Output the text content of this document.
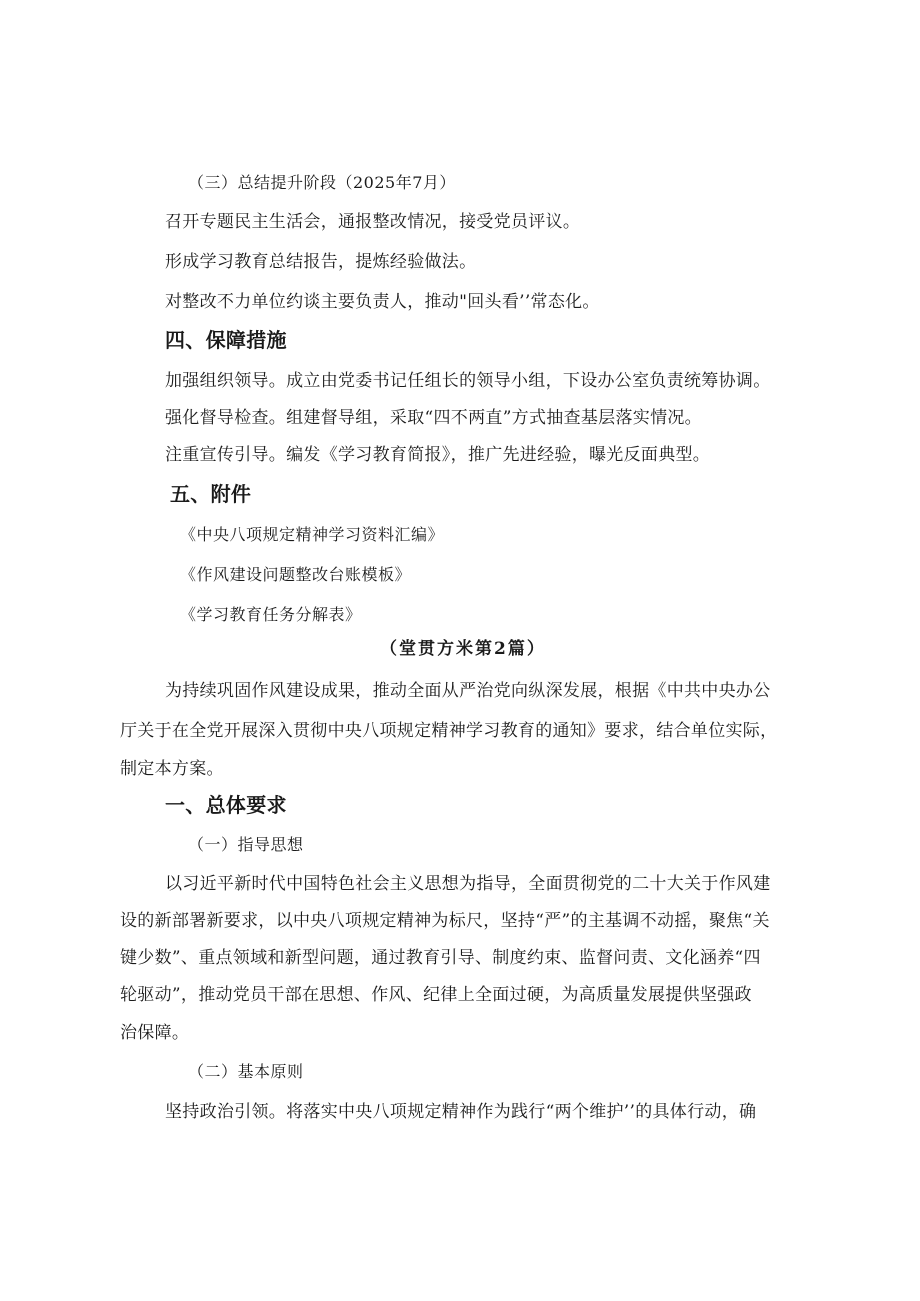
（三）总结提升阶段（2025年7月）
召开专题民主生活会，通报整改情况，接受党员评议。
形成学习教育总结报告，提炼经验做法。
对整改不力单位约谈主要负责人，推动"回头看’’常态化。
四、保障措施
加强组织领导。成立由党委书记任组长的领导小组，下设办公室负责统筹协调。
强化督导检查。组建督导组，采取“四不两直”方式抽查基层落实情况。
注重宣传引导。编发《学习教育简报》，推广先进经验，曝光反面典型。
五、附件
《中央八项规定精神学习资料汇编》
《作风建设问题整改台账模板》
《学习教育任务分解表》
（堂贯方米第2篇）
为持续巩固作风建设成果，推动全面从严治党向纵深发展，根据《中共中央办公
厅关于在全党开展深入贯彻中央八项规定精神学习教育的通知》要求，结合单位实际，
制定本方案。
一、总体要求
（一）指导思想
以习近平新时代中国特色社会主义思想为指导，全面贯彻党的二十大关于作风建
设的新部署新要求，以中央八项规定精神为标尺，坚持“严”的主基调不动摇，聚焦“关
键少数”、重点领域和新型问题，通过教育引导、制度约束、监督问责、文化涵养“四
轮驱动”，推动党员干部在思想、作风、纪律上全面过硬，为高质量发展提供坚强政
治保障。
（二）基本原则
坚持政治引领。将落实中央八项规定精神作为践行“两个维护’’的具体行动，确
